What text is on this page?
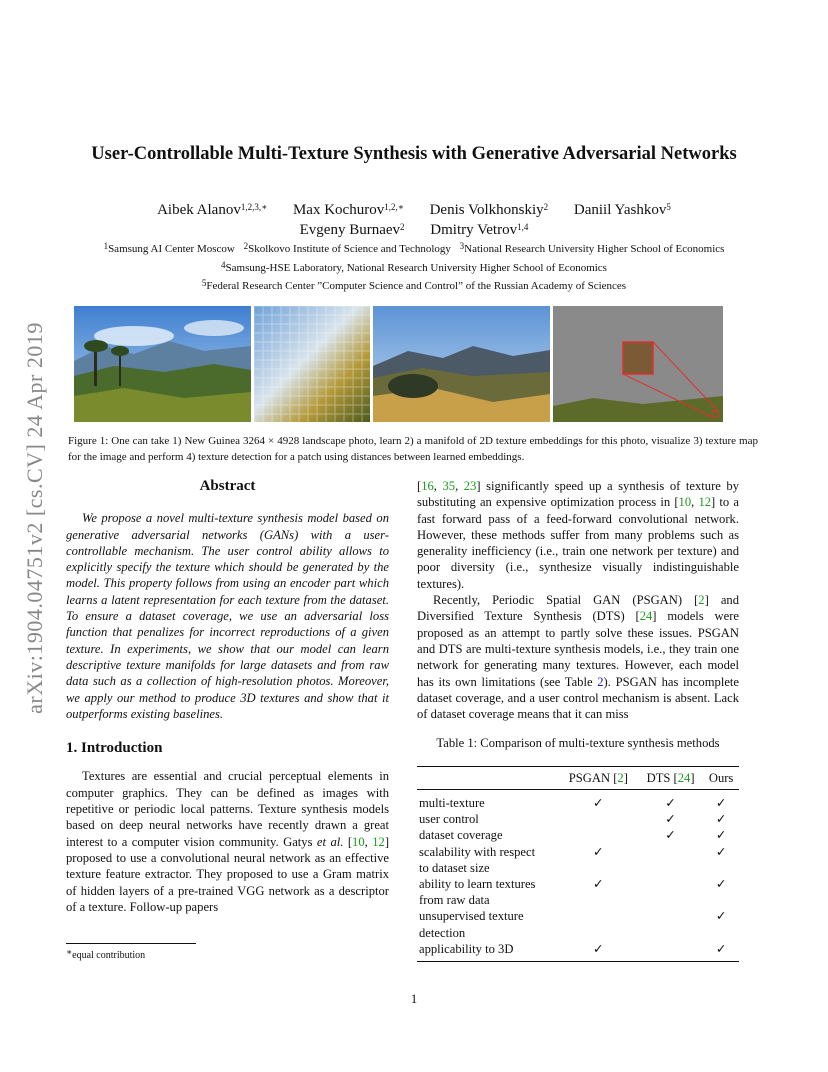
arXiv:1904.04751v2 [cs.CV] 24 Apr 2019
User-Controllable Multi-Texture Synthesis with Generative Adversarial Networks
Aibek Alanov$^{1,2,3,∗}$ Max Kochurov$^{1,2,∗}$ Denis Volkhonskiy$^2$ Daniil Yashkov$^5$
Evgeny Burnaev$^2$ Dmitry Vetrov$^{1,4}$
$^1$Samsung AI Center Moscow $^2$Skolkovo Institute of Science and Technology $^3$National Research University Higher School of Economics
$^4$Samsung-HSE Laboratory, National Research University Higher School of Economics
$^5$Federal Research Center ”Computer Science and Control” of the Russian Academy of Sciences
Figure 1: One can take 1) New Guinea 3264 × 4928 landscape photo, learn 2) a manifold of 2D texture embeddings for this photo, visualize 3) texture map for the image and perform 4) texture detection for a patch using distances between learned embeddings.
Abstract

We propose a novel multi-texture synthesis model based on generative adversarial networks (GANs) with a user-controllable mechanism. The user control ability allows to explicitly specify the texture which should be generated by the model. This property follows from using an encoder part which learns a latent representation for each texture from the dataset. To ensure a dataset coverage, we use an adversarial loss function that penalizes for incorrect reproductions of a given texture. In experiments, we show that our model can learn descriptive texture manifolds for large datasets and from raw data such as a collection of high-resolution photos. Moreover, we apply our method to produce 3D textures and show that it outperforms existing baselines.

1. Introduction

Textures are essential and crucial perceptual elements in computer graphics. They can be defined as images with repetitive or periodic local patterns. Texture synthesis models based on deep neural networks have recently drawn a great interest to a computer vision community. Gatys et al. [10, 12] proposed to use a convolutional neural network as an effective texture feature extractor. They proposed to use a Gram matrix of hidden layers of a pre-trained VGG network as a descriptor of a texture. Follow-up papers

[16, 35, 23] significantly speed up a synthesis of texture by substituting an expensive optimization process in [10, 12] to a fast forward pass of a feed-forward convolutional network. However, these methods suffer from many problems such as generality inefficiency (i.e., train one network per texture) and poor diversity (i.e., synthesize visually indistinguishable textures).

Recently, Periodic Spatial GAN (PSGAN) [2] and Diversified Texture Synthesis (DTS) [24] models were proposed as an attempt to partly solve these issues. PSGAN and DTS are multi-texture synthesis models, i.e., they train one network for generating many textures. However, each model has its own limitations (see Table 2). PSGAN has incomplete dataset coverage, and a user control mechanism is absent. Lack of dataset coverage means that it can miss

Table 1: Comparison of multi-texture synthesis methods
	PSGAN [2]	DTS [24]	Ours
multi-texture	✓	✓	✓
user control		✓	✓
dataset coverage		✓	✓
scalability with respect
to dataset size	✓		✓
ability to learn textures
from raw data	✓		✓
unsupervised texture
detection			✓
applicability to 3D	✓		✓
∗equal contribution
1
